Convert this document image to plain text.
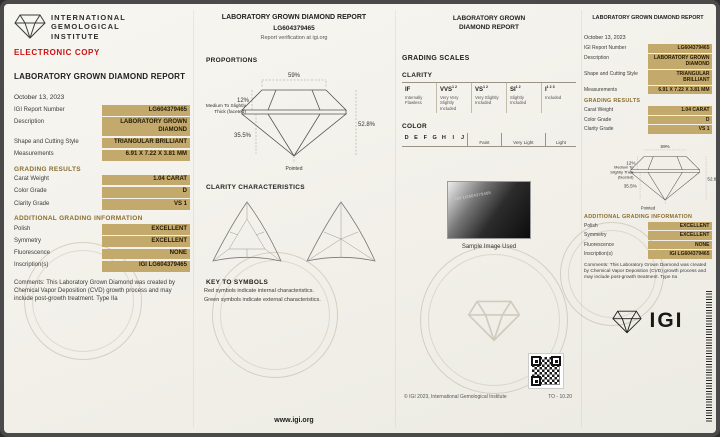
INTERNATIONAL
GEMOLOGICAL
INSTITUTE
ELECTRONIC COPY
LABORATORY GROWN DIAMOND REPORT
October 13, 2023
IGI Report Number	LG604379465
Description	LABORATORY GROWN DIAMOND
Shape and Cutting Style	TRIANGULAR BRILLIANT
Measurements	6.91 X 7.22 X 3.81 MM
GRADING RESULTS
Carat Weight	1.04 CARAT
Color Grade	D
Clarity Grade	VS 1
ADDITIONAL GRADING INFORMATION
Polish	EXCELLENT
Symmetry	EXCELLENT
Fluorescence	NONE
Inscription(s)	IGI LG604379465
Comments: This Laboratory Grown Diamond was created by Chemical Vapor Deposition (CVD) growth process and may include post-growth treatment. Type IIa
LABORATORY GROWN DIAMOND REPORT
LG604379465
Report verification at igi.org
PROPORTIONS
59%
12%
35.5%
52.8%
Medium To Slightly Thick (faceted)
Pointed
CLARITY CHARACTERISTICS
KEY TO SYMBOLS
Red symbols indicate internal characteristics.
Green symbols indicate external characteristics.
www.igi.org
LABORATORY GROWN
DIAMOND REPORT
GRADING SCALES
CLARITY
IF
Internally Flawless
$VVS^{1 2}$
Very Very Slightly Included
$VS^{1 2}$
Very Slightly Included
$SI^{1 2}$
Slightly Included
$I^{1 2 3}$
Included
COLOR
D E	F G H	I	J
Faint	Very Light	Light
IGI LG604379465
Sample Image Used
© IGI 2023, International Gemological Institute	TO - 10.20
LABORATORY GROWN DIAMOND REPORT
October 13, 2023
IGI Report Number	LG604379465
Description	LABORATORY GROWN DIAMOND
Shape and Cutting Style	TRIANGULAR BRILLIANT
Measurements	6.91 X 7.22 X 3.81 MM
GRADING RESULTS
Carat Weight	1.04 CARAT
Color Grade	D
Clarity Grade	VS 1
59%
12%
35.5%
52.8%
Medium To Slightly Thick (faceted)
Pointed
ADDITIONAL GRADING INFORMATION
Polish	EXCELLENT
Symmetry	EXCELLENT
Fluorescence	NONE
Inscription(s)	IGI LG604379465
Comments: This Laboratory Grown Diamond was created by Chemical Vapor Deposition (CVD) growth process and may include post-growth treatment. Type IIa
IGI
